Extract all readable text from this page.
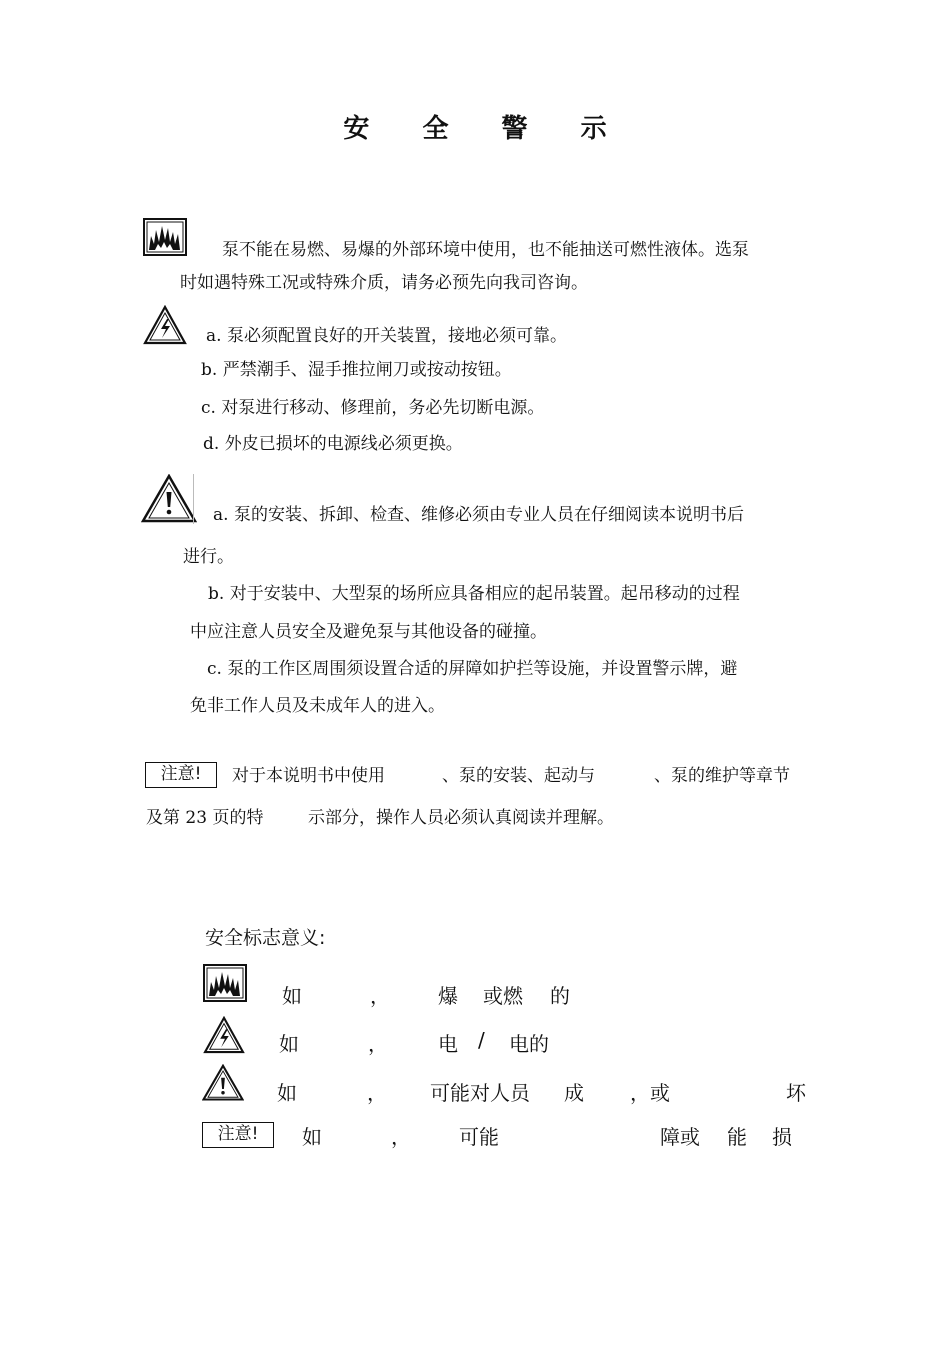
安 全 警 示
泵不能在易燃、易爆的外部环境中使用，也不能抽送可燃性液体。选泵
时如遇特殊工况或特殊介质，请务必预先向我司咨询。
a. 泵必须配置良好的开关装置，接地必须可靠。
b. 严禁潮手、湿手推拉闸刀或按动按钮。
c. 对泵进行移动、修理前，务必先切断电源。
d. 外皮已损坏的电源线必须更换。
a. 泵的安装、拆卸、检查、维修必须由专业人员在仔细阅读本说明书后
进行。
b. 对于安装中、大型泵的场所应具备相应的起吊装置。起吊移动的过程
中应注意人员安全及避免泵与其他设备的碰撞。
c. 泵的工作区周围须设置合适的屏障如护拦等设施，并设置警示牌，避
免非工作人员及未成年人的进入。
注意!	对于本说明书中使用	、泵的安装、起动与	、泵的维护等章节
及第 23 页的特	示部分，操作人员必须认真阅读并理解。
安全标志意义:
如	， 爆 或燃 的
如	，	电 / 电的
如	， 可能对人员 成 ，或	坏
注意!	如	， 可能	障或 能 损
